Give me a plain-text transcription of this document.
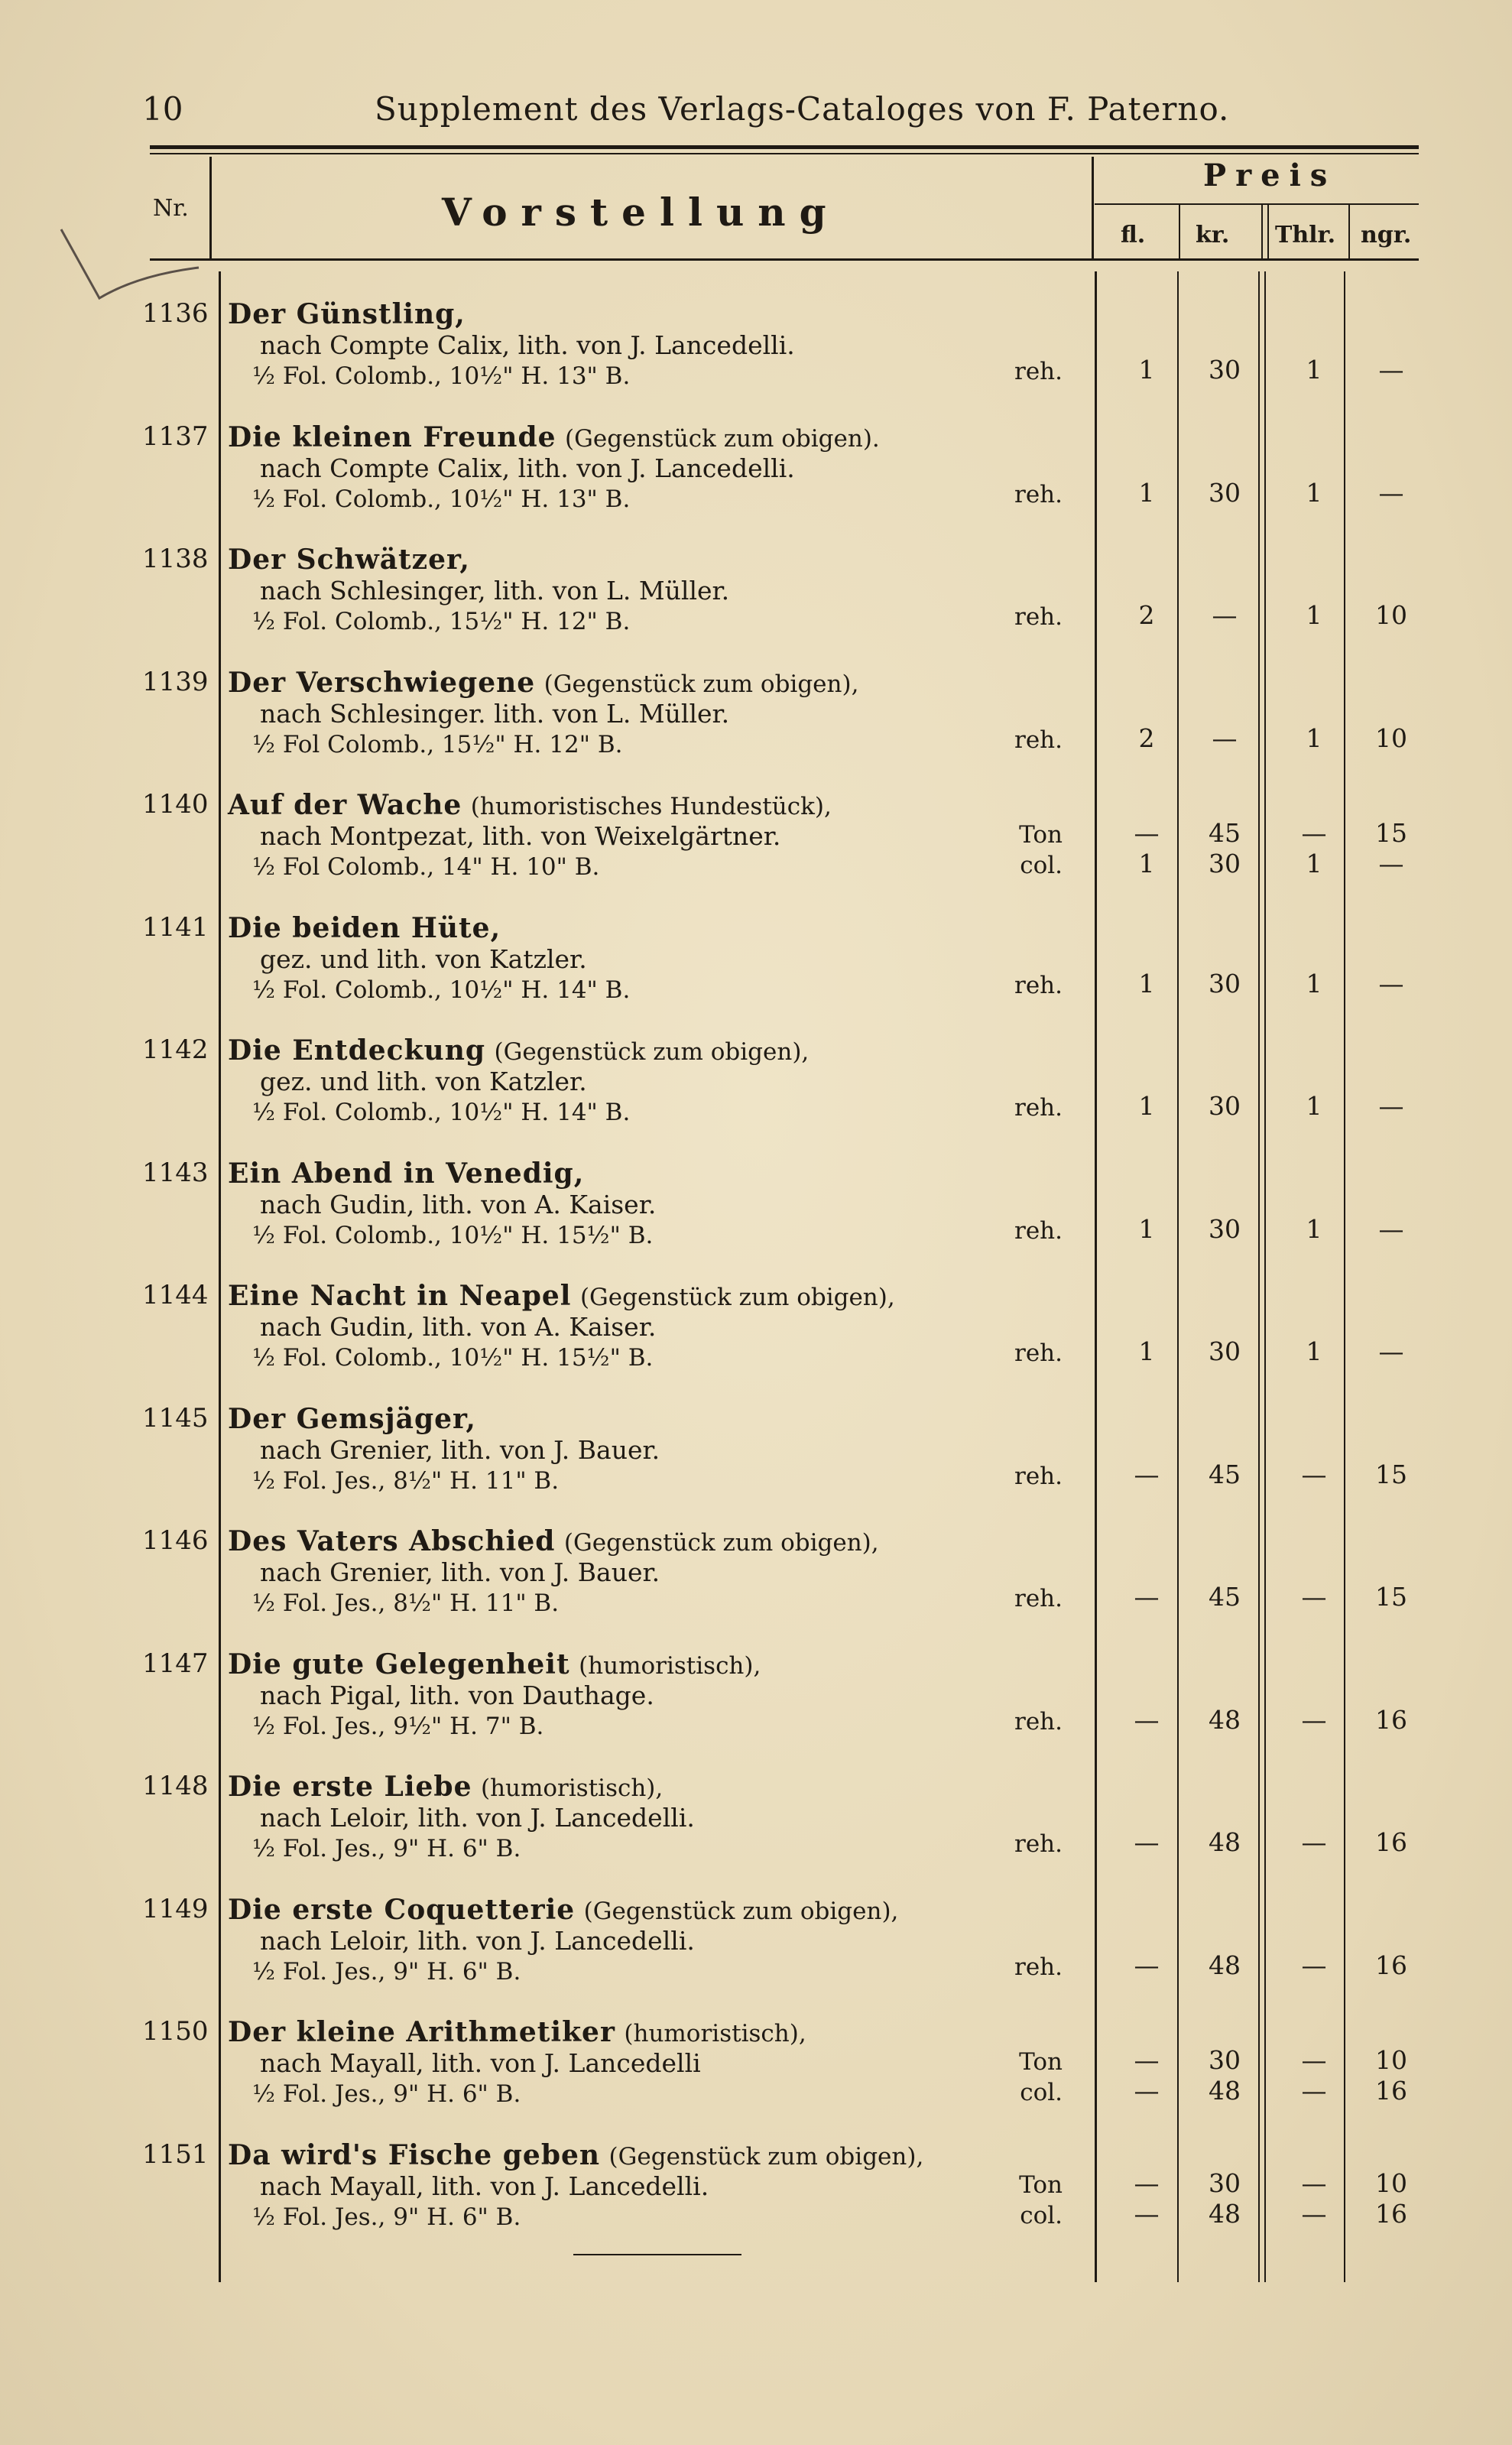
10	Supplement des Verlags-Cataloges von F. Paterno.
Nr.	Vorstellung
Preis
fl. kr. Thlr. ngr.
1136 Der Günstling,
nach Compte Calix, lith. von J. Lancedelli.
½ Fol. Colomb., 10½" H. 13" B.	reh.	1	30	1	—
1137 Die kleinen Freunde (Gegenstück zum obigen).
nach Compte Calix, lith. von J. Lancedelli.
½ Fol. Colomb., 10½" H. 13" B.	reh.	1	30	1	—
1138 Der Schwätzer,
nach Schlesinger, lith. von L. Müller.
½ Fol. Colomb., 15½" H. 12" B.	reh.	2	—	1	10
1139 Der Verschwiegene (Gegenstück zum obigen),
nach Schlesinger. lith. von L. Müller.
½ Fol Colomb., 15½" H. 12" B.	reh.	2	—	1	10
1140 Auf der Wache (humoristisches Hundestück),
nach Montpezat, lith. von Weixelgärtner.
½ Fol Colomb., 14" H. 10" B.
Ton	—	45	—	15
col.	1	30	1	—
1141 Die beiden Hüte,
gez. und lith. von Katzler.
½ Fol. Colomb., 10½" H. 14" B.	reh.	1	30	1	—
1142 Die Entdeckung (Gegenstück zum obigen),
gez. und lith. von Katzler.
½ Fol. Colomb., 10½" H. 14" B.	reh.	1	30	1	—
1143 Ein Abend in Venedig,
nach Gudin, lith. von A. Kaiser.
½ Fol. Colomb., 10½" H. 15½" B.	reh.	1	30	1	—
1144 Eine Nacht in Neapel (Gegenstück zum obigen),
nach Gudin, lith. von A. Kaiser.
½ Fol. Colomb., 10½" H. 15½" B.	reh.	1	30	1	—
1145 Der Gemsjäger,
nach Grenier, lith. von J. Bauer.
½ Fol. Jes., 8½" H. 11" B.	reh.	—	45	—	15
1146 Des Vaters Abschied (Gegenstück zum obigen),
nach Grenier, lith. von J. Bauer.
½ Fol. Jes., 8½" H. 11" B.	reh.	—	45	—	15
1147 Die gute Gelegenheit (humoristisch),
nach Pigal, lith. von Dauthage.
½ Fol. Jes., 9½" H. 7" B.	reh.	—	48	—	16
1148 Die erste Liebe (humoristisch),
nach Leloir, lith. von J. Lancedelli.
½ Fol. Jes., 9" H. 6" B.	reh.	—	48	—	16
1149 Die erste Coquetterie (Gegenstück zum obigen),
nach Leloir, lith. von J. Lancedelli.
½ Fol. Jes., 9" H. 6" B.	reh.	—	48	—	16
1150 Der kleine Arithmetiker (humoristisch),
nach Mayall, lith. von J. Lancedelli
½ Fol. Jes., 9" H. 6" B.
Ton	—	30	—	10
col.	—	48	—	16
1151 Da wird's Fische geben (Gegenstück zum obigen),
nach Mayall, lith. von J. Lancedelli.
½ Fol. Jes., 9" H. 6" B.
Ton	—	30	—	10
col.	—	48	—	16
